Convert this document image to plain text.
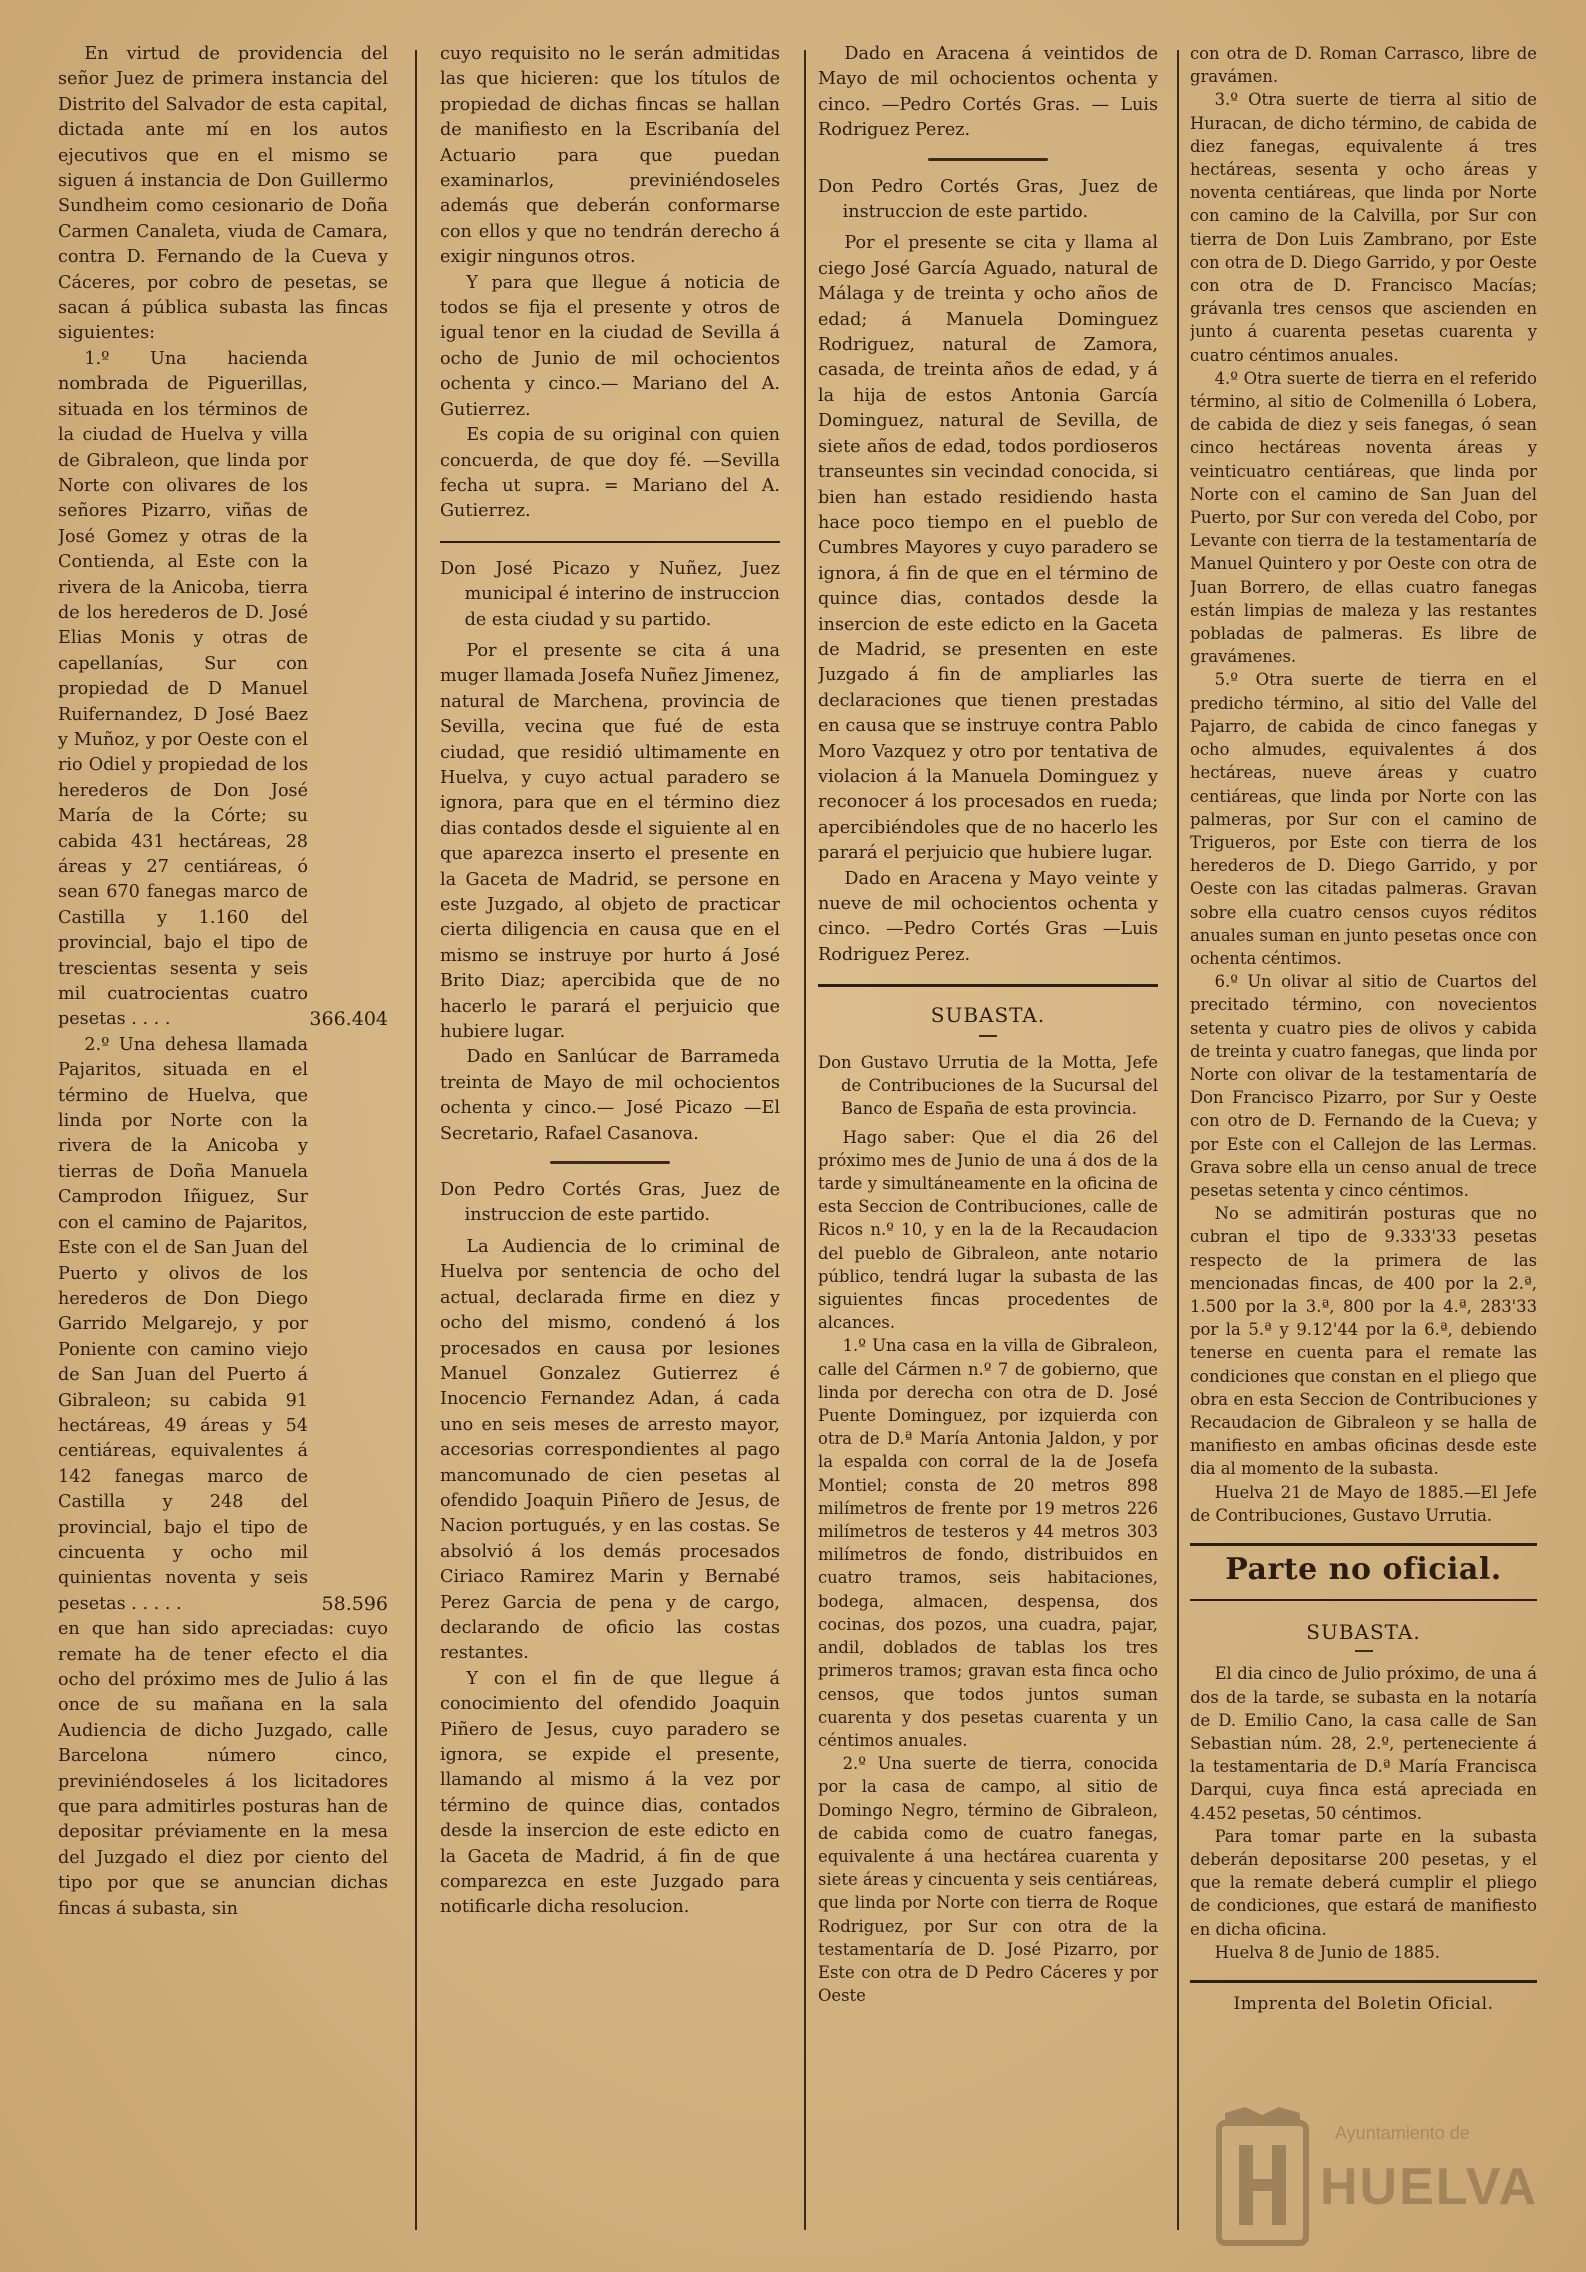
En virtud de providencia del señor Juez de primera instancia del Distrito del Salvador de esta capital, dictada ante mí en los autos ejecutivos que en el mismo se siguen á instancia de Don Guillermo Sundheim como cesionario de Doña Carmen Canaleta, viuda de Camara, contra D. Fernando de la Cueva y Cáceres, por cobro de pesetas, se sacan á pública subasta las fincas siguientes:

1.º Una hacienda nombrada de Piguerillas, situada en los términos de la ciudad de Huelva y villa de Gibraleon, que linda por Norte con olivares de los señores Pizarro, viñas de José Gomez y otras de la Contienda, al Este con la rivera de la Anicoba, tierra de los herederos de D. José Elias Monis y otras de capellanías, Sur con propiedad de D Manuel Ruifernandez, D José Baez y Muñoz, y por Oeste con el rio Odiel y propiedad de los herederos de Don José María de la Córte; su cabida 431 hectáreas, 28 áreas y 27 centiáreas, ó sean 670 fanegas marco de Castilla y 1.160 del provincial, bajo el tipo de trescientas sesenta y seis mil cuatrocientas cuatro pesetas . . . .	366.404

2.º Una dehesa llamada Pajaritos, situada en el término de Huelva, que linda por Norte con la rivera de la Anicoba y tierras de Doña Manuela Camprodon Iñiguez, Sur con el camino de Pajaritos, Este con el de San Juan del Puerto y olivos de los herederos de Don Diego Garrido Melgarejo, y por Poniente con camino viejo de San Juan del Puerto á Gibraleon; su cabida 91 hectáreas, 49 áreas y 54 centiáreas, equivalentes á 142 fanegas marco de Castilla y 248 del provincial, bajo el tipo de cincuenta y ocho mil quinientas noventa y seis pesetas . . . . .	58.596

en que han sido apreciadas: cuyo remate ha de tener efecto el dia ocho del próximo mes de Julio á las once de su mañana en la sala Audiencia de dicho Juzgado, calle Barcelona número cinco, previniéndoseles á los licitadores que para admitirles posturas han de depositar préviamente en la mesa del Juzgado el diez por ciento del tipo por que se anuncian dichas fincas á subasta, sin

cuyo requisito no le serán admitidas las que hicieren: que los títulos de propiedad de dichas fincas se hallan de manifiesto en la Escribanía del Actuario para que puedan examinarlos, previniéndoseles además que deberán conformarse con ellos y que no tendrán derecho á exigir ningunos otros.

Y para que llegue á noticia de todos se fija el presente y otros de igual tenor en la ciudad de Sevilla á ocho de Junio de mil ochocientos ochenta y cinco.— Mariano del A. Gutierrez.

Es copia de su original con quien concuerda, de que doy fé. —Sevilla fecha ut supra. = Mariano del A. Gutierrez.

Don José Picazo y Nuñez, Juez municipal é interino de instruccion de esta ciudad y su partido.

Por el presente se cita á una muger llamada Josefa Nuñez Jimenez, natural de Marchena, provincia de Sevilla, vecina que fué de esta ciudad, que residió ultimamente en Huelva, y cuyo actual paradero se ignora, para que en el término diez dias contados desde el siguiente al en que aparezca inserto el presente en la Gaceta de Madrid, se persone en este Juzgado, al objeto de practicar cierta diligencia en causa que en el mismo se instruye por hurto á José Brito Diaz; apercibida que de no hacerlo le parará el perjuicio que hubiere lugar.

Dado en Sanlúcar de Barrameda treinta de Mayo de mil ochocientos ochenta y cinco.— José Picazo —El Secretario, Rafael Casanova.

Don Pedro Cortés Gras, Juez de instruccion de este partido.

La Audiencia de lo criminal de Huelva por sentencia de ocho del actual, declarada firme en diez y ocho del mismo, condenó á los procesados en causa por lesiones Manuel Gonzalez Gutierrez é Inocencio Fernandez Adan, á cada uno en seis meses de arresto mayor, accesorias correspondientes al pago mancomunado de cien pesetas al ofendido Joaquin Piñero de Jesus, de Nacion portugués, y en las costas. Se absolvió á los demás procesados Ciriaco Ramirez Marin y Bernabé Perez Garcia de pena y de cargo, declarando de oficio las costas restantes.

Y con el fin de que llegue á conocimiento del ofendido Joaquin Piñero de Jesus, cuyo paradero se ignora, se expide el presente, llamando al mismo á la vez por término de quince dias, contados desde la insercion de este edicto en la Gaceta de Madrid, á fin de que comparezca en este Juzgado para notificarle dicha resolucion.

Dado en Aracena á veintidos de Mayo de mil ochocientos ochenta y cinco. —Pedro Cortés Gras. — Luis Rodriguez Perez.

Don Pedro Cortés Gras, Juez de instruccion de este partido.

Por el presente se cita y llama al ciego José García Aguado, natural de Málaga y de treinta y ocho años de edad; á Manuela Dominguez Rodriguez, natural de Zamora, casada, de treinta años de edad, y á la hija de estos Antonia García Dominguez, natural de Sevilla, de siete años de edad, todos pordioseros transeuntes sin vecindad conocida, si bien han estado residiendo hasta hace poco tiempo en el pueblo de Cumbres Mayores y cuyo paradero se ignora, á fin de que en el término de quince dias, contados desde la insercion de este edicto en la Gaceta de Madrid, se presenten en este Juzgado á fin de ampliarles las declaraciones que tienen prestadas en causa que se instruye contra Pablo Moro Vazquez y otro por tentativa de violacion á la Manuela Dominguez y reconocer á los procesados en rueda; apercibiéndoles que de no hacerlo les parará el perjuicio que hubiere lugar.

Dado en Aracena y Mayo veinte y nueve de mil ochocientos ochenta y cinco. —Pedro Cortés Gras —Luis Rodriguez Perez.

SUBASTA.

Don Gustavo Urrutia de la Motta, Jefe de Contribuciones de la Sucursal del Banco de España de esta provincia.

Hago saber: Que el dia 26 del próximo mes de Junio de una á dos de la tarde y simultáneamente en la oficina de esta Seccion de Contribuciones, calle de Ricos n.º 10, y en la de la Recaudacion del pueblo de Gibraleon, ante notario público, tendrá lugar la subasta de las siguientes fincas procedentes de alcances.

1.º Una casa en la villa de Gibraleon, calle del Cármen n.º 7 de gobierno, que linda por derecha con otra de D. José Puente Dominguez, por izquierda con otra de D.ª María Antonia Jaldon, y por la espalda con corral de la de Josefa Montiel; consta de 20 metros 898 milímetros de frente por 19 metros 226 milímetros de testeros y 44 metros 303 milímetros de fondo, distribuidos en cuatro tramos, seis habitaciones, bodega, almacen, despensa, dos cocinas, dos pozos, una cuadra, pajar, andil, doblados de tablas los tres primeros tramos; gravan esta finca ocho censos, que todos juntos suman cuarenta y dos pesetas cuarenta y un céntimos anuales.

2.º Una suerte de tierra, conocida por la casa de campo, al sitio de Domingo Negro, término de Gibraleon, de cabida como de cuatro fanegas, equivalente á una hectárea cuarenta y siete áreas y cincuenta y seis centiáreas, que linda por Norte con tierra de Roque Rodriguez, por Sur con otra de la testamentaría de D. José Pizarro, por Este con otra de D Pedro Cáceres y por Oeste

con otra de D. Roman Carrasco, libre de gravámen.

3.º Otra suerte de tierra al sitio de Huracan, de dicho término, de cabida de diez fanegas, equivalente á tres hectáreas, sesenta y ocho áreas y noventa centiáreas, que linda por Norte con camino de la Calvilla, por Sur con tierra de Don Luis Zambrano, por Este con otra de D. Diego Garrido, y por Oeste con otra de D. Francisco Macías; grávanla tres censos que ascienden en junto á cuarenta pesetas cuarenta y cuatro céntimos anuales.

4.º Otra suerte de tierra en el referido término, al sitio de Colmenilla ó Lobera, de cabida de diez y seis fanegas, ó sean cinco hectáreas noventa áreas y veinticuatro centiáreas, que linda por Norte con el camino de San Juan del Puerto, por Sur con vereda del Cobo, por Levante con tierra de la testamentaría de Manuel Quintero y por Oeste con otra de Juan Borrero, de ellas cuatro fanegas están limpias de maleza y las restantes pobladas de palmeras. Es libre de gravámenes.

5.º Otra suerte de tierra en el predicho término, al sitio del Valle del Pajarro, de cabida de cinco fanegas y ocho almudes, equivalentes á dos hectáreas, nueve áreas y cuatro centiáreas, que linda por Norte con las palmeras, por Sur con el camino de Trigueros, por Este con tierra de los herederos de D. Diego Garrido, y por Oeste con las citadas palmeras. Gravan sobre ella cuatro censos cuyos réditos anuales suman en junto pesetas once con ochenta céntimos.

6.º Un olivar al sitio de Cuartos del precitado término, con novecientos setenta y cuatro pies de olivos y cabida de treinta y cuatro fanegas, que linda por Norte con olivar de la testamentaría de Don Francisco Pizarro, por Sur y Oeste con otro de D. Fernando de la Cueva; y por Este con el Callejon de las Lermas. Grava sobre ella un censo anual de trece pesetas setenta y cinco céntimos.

No se admitirán posturas que no cubran el tipo de 9.333'33 pesetas respecto de la primera de las mencionadas fincas, de 400 por la 2.ª, 1.500 por la 3.ª, 800 por la 4.ª, 283'33 por la 5.ª y 9.12'44 por la 6.ª, debiendo tenerse en cuenta para el remate las condiciones que constan en el pliego que obra en esta Seccion de Contribuciones y Recaudacion de Gibraleon y se halla de manifiesto en ambas oficinas desde este dia al momento de la subasta.

Huelva 21 de Mayo de 1885.—El Jefe de Contribuciones, Gustavo Urrutia.

Parte no oficial.
SUBASTA.

El dia cinco de Julio próximo, de una á dos de la tarde, se subasta en la notaría de D. Emilio Cano, la casa calle de San Sebastian núm. 28, 2.º, perteneciente á la testamentaria de D.ª María Francisca Darqui, cuya finca está apreciada en 4.452 pesetas, 50 céntimos.

Para tomar parte en la subasta deberán depositarse 200 pesetas, y el que la remate deberá cumplir el pliego de condiciones, que estará de manifiesto en dicha oficina.

Huelva 8 de Junio de 1885.

Imprenta del Boletin Oficial.
Ayuntamiento de
HUELVA
